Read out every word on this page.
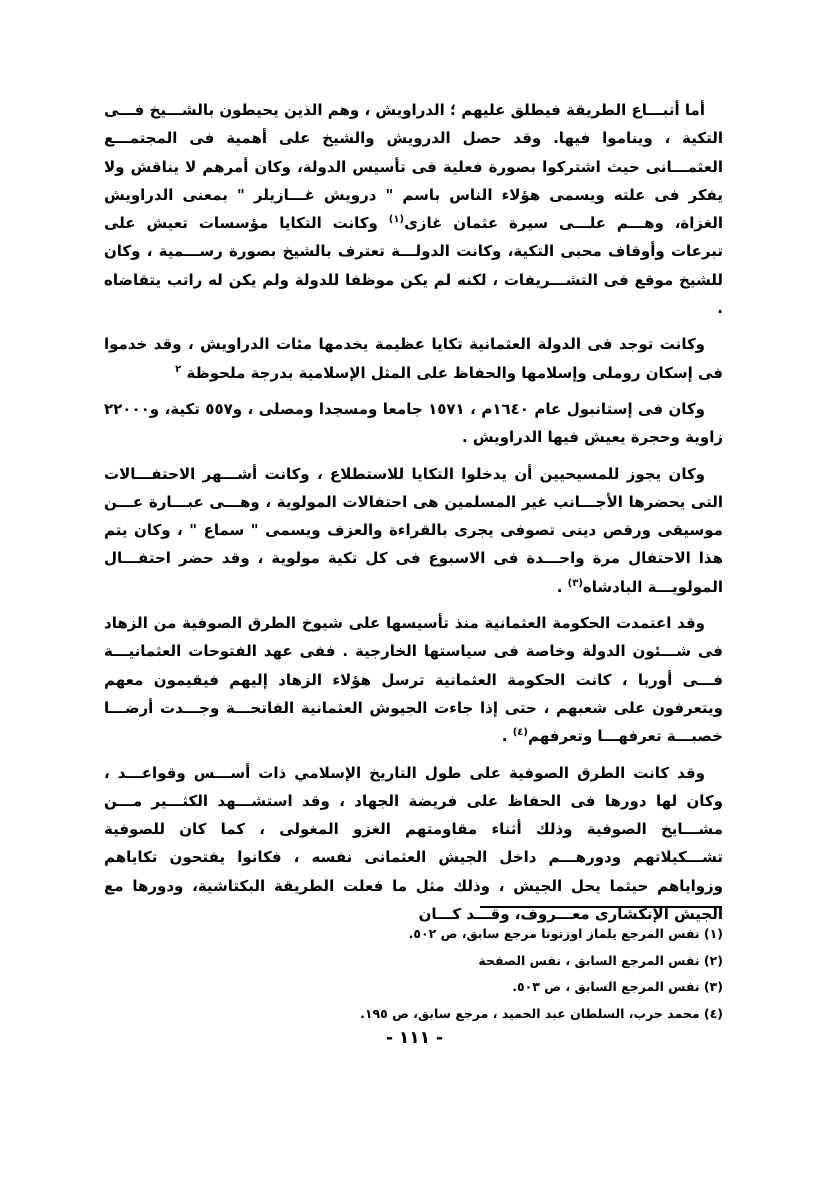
أما أتبـــاع الطريقة فيطلق عليهم ؛ الدراويش ، وهم الذين يحيطون بالشـــيخ فـــى التكية ، ويناموا فيها. وقد حصل الدرويش والشيخ على أهمية فى المجتمـــع العثمـــانى حيث اشتركوا بصورة فعلية فى تأسيس الدولة، وكان أمرهم لا يناقش ولا يفكر فى علته ويسمى هؤلاء الناس باسم " درويش غـــازيلر " بمعنى الدراويش الغزاة، وهـــم علـــى سيرة عثمان غازى$^{(١)}$ وكانت التكايا مؤسسات تعيش على تبرعات وأوقاف محبى التكية، وكانت الدولـــة تعترف بالشيخ بصورة رســـمية ، وكان للشيخ موقع فى التشـــريفات ، لكنه لم يكن موظفا للدولة ولم يكن له راتب يتقاضاه .

وكانت توجد فى الدولة العثمانية تكايا عظيمة يخدمها مئات الدراويش ، وقد خدموا فى إسكان روملى وإسلامها والحفاظ على المثل الإسلامية بدرجة ملحوظة $^٢$

وكان فى إستانبول عام ١٦٤٠م ، ١٥٧١ جامعا ومسجدا ومصلى ، و٥٥٧ تكية، و٢٢٠٠٠ زاوية وحجرة يعيش فيها الدراويش .

وكان يجوز للمسيحيين أن يدخلوا التكايا للاستطلاع ، وكانت أشـــهر الاحتفـــالات التى يحضرها الأجـــانب غير المسلمين هى احتفالات المولوية ، وهـــى عبـــارة عـــن موسيقى ورقص دينى تصوفى يجرى بالقراءة والعزف ويسمى " سماع " ، وكان يتم هذا الاحتفال مرة واحـــدة فى الاسبوع فى كل تكية مولوية ، وقد حضر احتفـــال المولويـــة البادشاه$^{(٣)}$ .

وقد اعتمدت الحكومة العثمانية منذ تأسيسها على شيوخ الطرق الصوفية من الزهاد فى شـــئون الدولة وخاصة فى سياستها الخارجية . ففى عهد الفتوحات العثمانيـــة فـــى أوربا ، كانت الحكومة العثمانية ترسل هؤلاء الزهاد إليهم فيقيمون معهم ويتعرفون على شعبهم ، حتى إذا جاءت الجيوش العثمانية الفاتحـــة وجـــدت أرضـــا خصبـــة تعرفهـــا وتعرفهم$^{(٤)}$ .

وقد كانت الطرق الصوفية على طول التاريخ الإسلامي ذات أســـس وقواعـــد ، وكان لها دورها فى الحفاظ على فريضة الجهاد ، وقد استشـــهد الكثـــير مـــن مشـــايخ الصوفية وذلك أثناء مقاومتهم الغزو المغولى ، كما كان للصوفية تشـــكيلاتهم ودورهـــم داخل الجيش العثمانى نفسه ، فكانوا يفتحون تكاياهم وزواياهم حيثما يحل الجيش ، وذلك مثل ما فعلت الطريقة البكتاشية، ودورها مع الجيش الإنكشارى معـــروف، وقـــد كـــان

(١) نفس المرجع يلماز اوزتونا مرجع سابق، ص ٥٠٢.
(٢) نفس المرجع السابق ، نفس الصفحة
(٣) نفس المرجع السابق ، ص ٥٠٣.
(٤) محمد حرب، السلطان عبد الحميد ، مرجع سابق، ص ١٩٥.
- ١١١ -
